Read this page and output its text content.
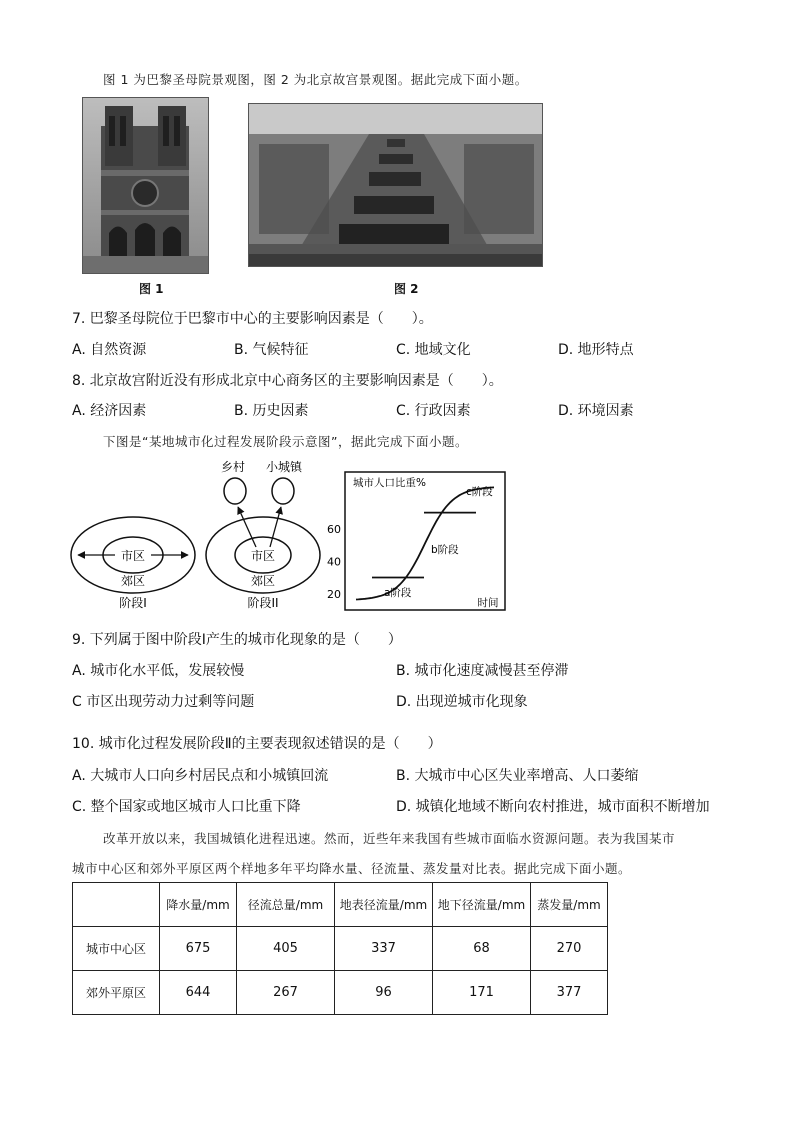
图 1 为巴黎圣母院景观图，图 2 为北京故宫景观图。据此完成下面小题。
图 1	图 2
7. 巴黎圣母院位于巴黎市中心的主要影响因素是（　　）。
A. 自然资源	B. 气候特征	C. 地域文化	D. 地形特点
8. 北京故宫附近没有形成北京中心商务区的主要影响因素是（　　）。
A. 经济因素	B. 历史因素	C. 行政因素	D. 环境因素
下图是“某地城市化过程发展阶段示意图”，据此完成下面小题。
市区
郊区
阶段I
乡村 小城镇
市区
郊区
阶段II
城市人口比重%
时间
20
40
60
a阶段
b阶段
c阶段
9. 下列属于图中阶段Ⅰ产生的城市化现象的是（　　）
A. 城市化水平低，发展较慢	B. 城市化速度减慢甚至停滞
C 市区出现劳动力过剩等问题	D. 出现逆城市化现象
10. 城市化过程发展阶段Ⅱ的主要表现叙述错误的是（　　）
A. 大城市人口向乡村居民点和小城镇回流	B. 大城市中心区失业率增高、人口萎缩
C. 整个国家或地区城市人口比重下降	D. 城镇化地域不断向农村推进，城市面积不断增加
改革开放以来，我国城镇化进程迅速。然而，近些年来我国有些城市面临水资源问题。表为我国某市
城市中心区和郊外平原区两个样地多年平均降水量、径流量、蒸发量对比表。据此完成下面小题。
	降水量/mm	径流总量/mm	地表径流量/mm	地下径流量/mm	蒸发量/mm
城市中心区	675	405	337	68	270
郊外平原区	644	267	96	171	377
